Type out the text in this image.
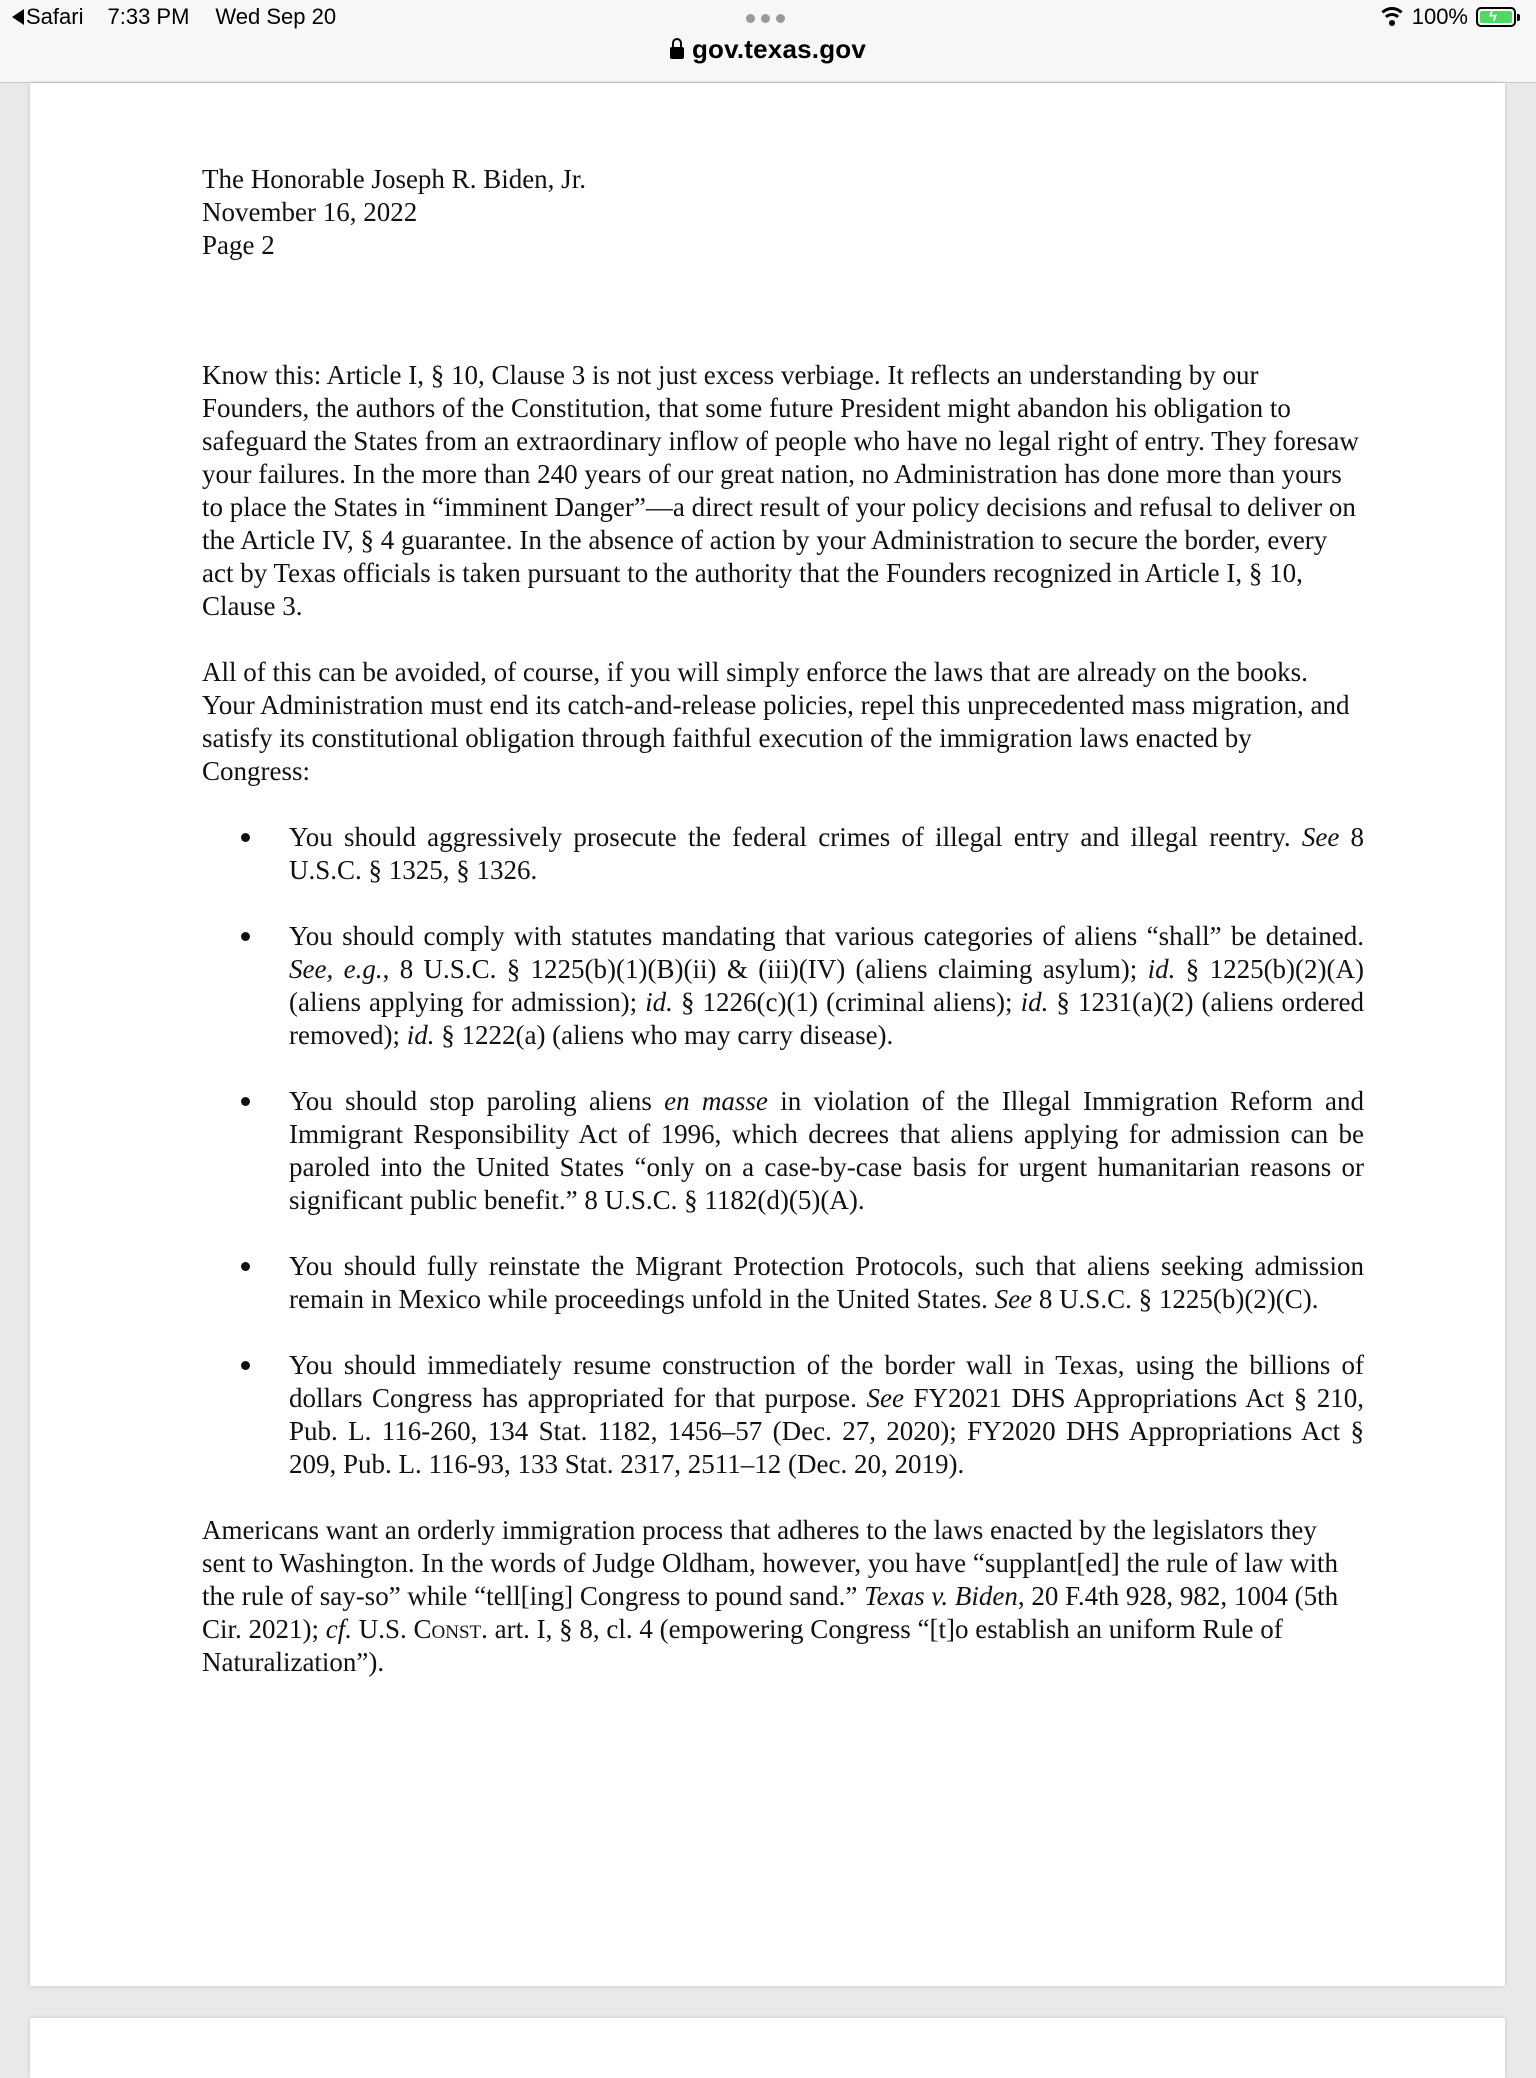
Safari 7:33 PM Wed Sep 20
gov.texas.gov
100% ϟ
The Honorable Joseph R. Biden, Jr.
November 16, 2022
Page 2

Know this: Article I, § 10, Clause 3 is not just excess verbiage. It reflects an understanding by our Founders, the authors of the Constitution, that some future President might abandon his obligation to safeguard the States from an extraordinary inflow of people who have no legal right of entry. They foresaw your failures. In the more than 240 years of our great nation, no Administration has done more than yours to place the States in “imminent Danger”—a direct result of your policy decisions and refusal to deliver on the Article IV, § 4 guarantee. In the absence of action by your Administration to secure the border, every act by Texas officials is taken pursuant to the authority that the Founders recognized in Article I, § 10, Clause 3.

All of this can be avoided, of course, if you will simply enforce the laws that are already on the books. Your Administration must end its catch-and-release policies, repel this unprecedented mass migration, and satisfy its constitutional obligation through faithful execution of the immigration laws enacted by Congress:

You should aggressively prosecute the federal crimes of illegal entry and illegal reentry. See 8 U.S.C. § 1325, § 1326.
You should comply with statutes mandating that various categories of aliens “shall” be detained. See, e.g., 8 U.S.C. § 1225(b)(1)(B)(ii) & (iii)(IV) (aliens claiming asylum); id. § 1225(b)(2)(A) (aliens applying for admission); id. § 1226(c)(1) (criminal aliens); id. § 1231(a)(2) (aliens ordered removed); id. § 1222(a) (aliens who may carry disease).
You should stop paroling aliens en masse in violation of the Illegal Immigration Reform and Immigrant Responsibility Act of 1996, which decrees that aliens applying for admission can be paroled into the United States “only on a case-by-case basis for urgent humanitarian reasons or significant public benefit.” 8 U.S.C. § 1182(d)(5)(A).
You should fully reinstate the Migrant Protection Protocols, such that aliens seeking admission remain in Mexico while proceedings unfold in the United States. See 8 U.S.C. § 1225(b)(2)(C).
You should immediately resume construction of the border wall in Texas, using the billions of dollars Congress has appropriated for that purpose. See FY2021 DHS Appropriations Act § 210, Pub. L. 116-260, 134 Stat. 1182, 1456–57 (Dec. 27, 2020); FY2020 DHS Appropriations Act § 209, Pub. L. 116-93, 133 Stat. 2317, 2511–12 (Dec. 20, 2019).

Americans want an orderly immigration process that adheres to the laws enacted by the legislators they sent to Washington. In the words of Judge Oldham, however, you have “supplant[ed] the rule of law with the rule of say-so” while “tell[ing] Congress to pound sand.” Texas v. Biden, 20 F.4th 928, 982, 1004 (5th Cir. 2021); cf. U.S. Const. art. I, § 8, cl. 4 (empowering Congress “[t]o establish an uniform Rule of Naturalization”).
